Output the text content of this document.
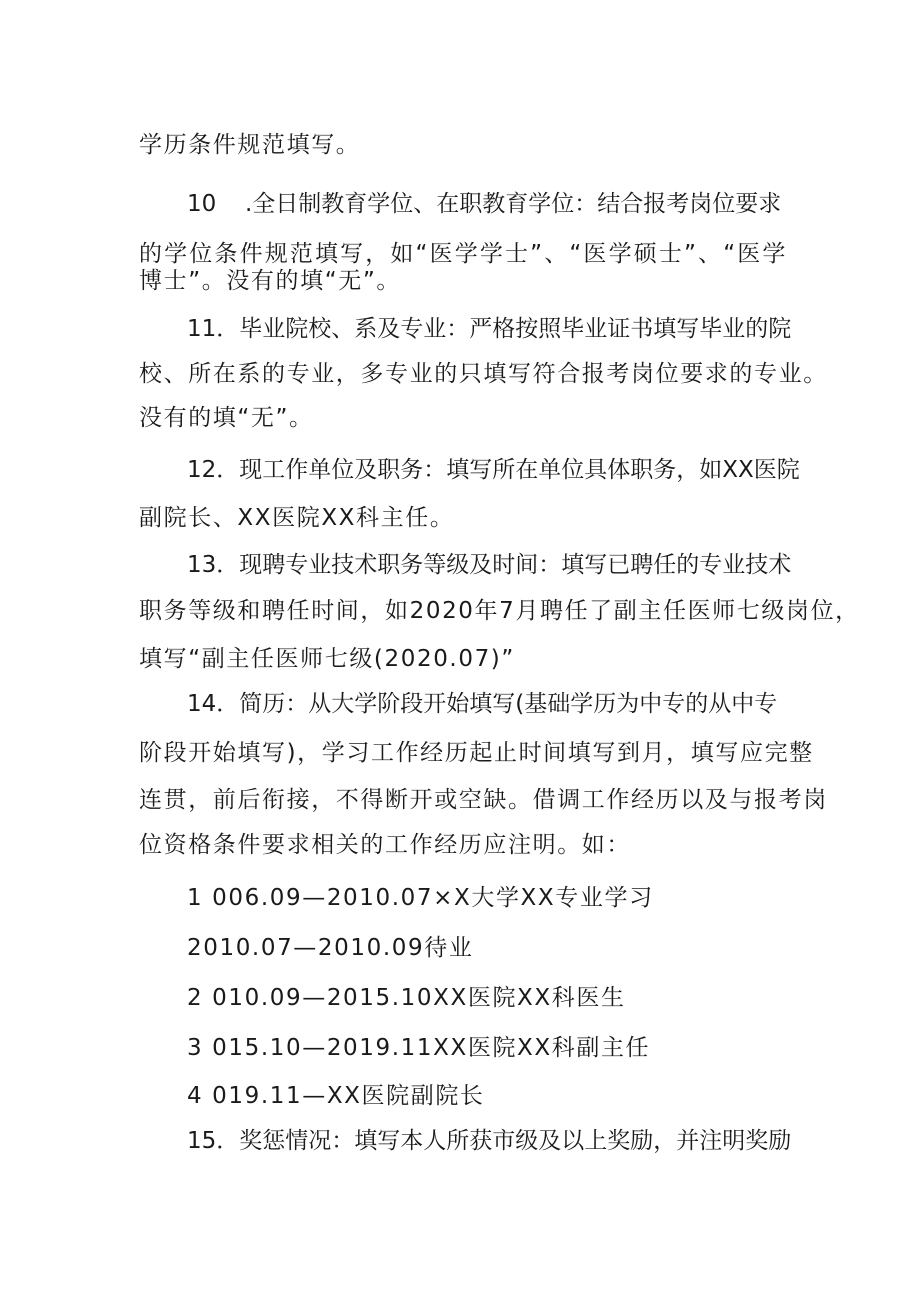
学历条件规范填写。
10 .全日制教育学位、在职教育学位：结合报考岗位要求
的学位条件规范填写，如“医学学士”、“医学硕士”、“医学
博士”。没有的填“无”。
11．毕业院校、系及专业：严格按照毕业证书填写毕业的院
校、所在系的专业，多专业的只填写符合报考岗位要求的专业。
没有的填“无”。
12．现工作单位及职务：填写所在单位具体职务，如XX医院
副院长、XX医院XX科主任。
13．现聘专业技术职务等级及时间：填写已聘任的专业技术
职务等级和聘任时间，如2020年7月聘任了副主任医师七级岗位，
填写“副主任医师七级(2020.07)”
14．简历：从大学阶段开始填写(基础学历为中专的从中专
阶段开始填写)，学习工作经历起止时间填写到月，填写应完整
连贯，前后衔接，不得断开或空缺。借调工作经历以及与报考岗
位资格条件要求相关的工作经历应注明。如：
1 006.09—2010.07×X大学XX专业学习
2010.07—2010.09待业
2 010.09—2015.10XX医院XX科医生
3 015.10—2019.11XX医院XX科副主任
4 019.11—XX医院副院长
15．奖惩情况：填写本人所获市级及以上奖励，并注明奖励
